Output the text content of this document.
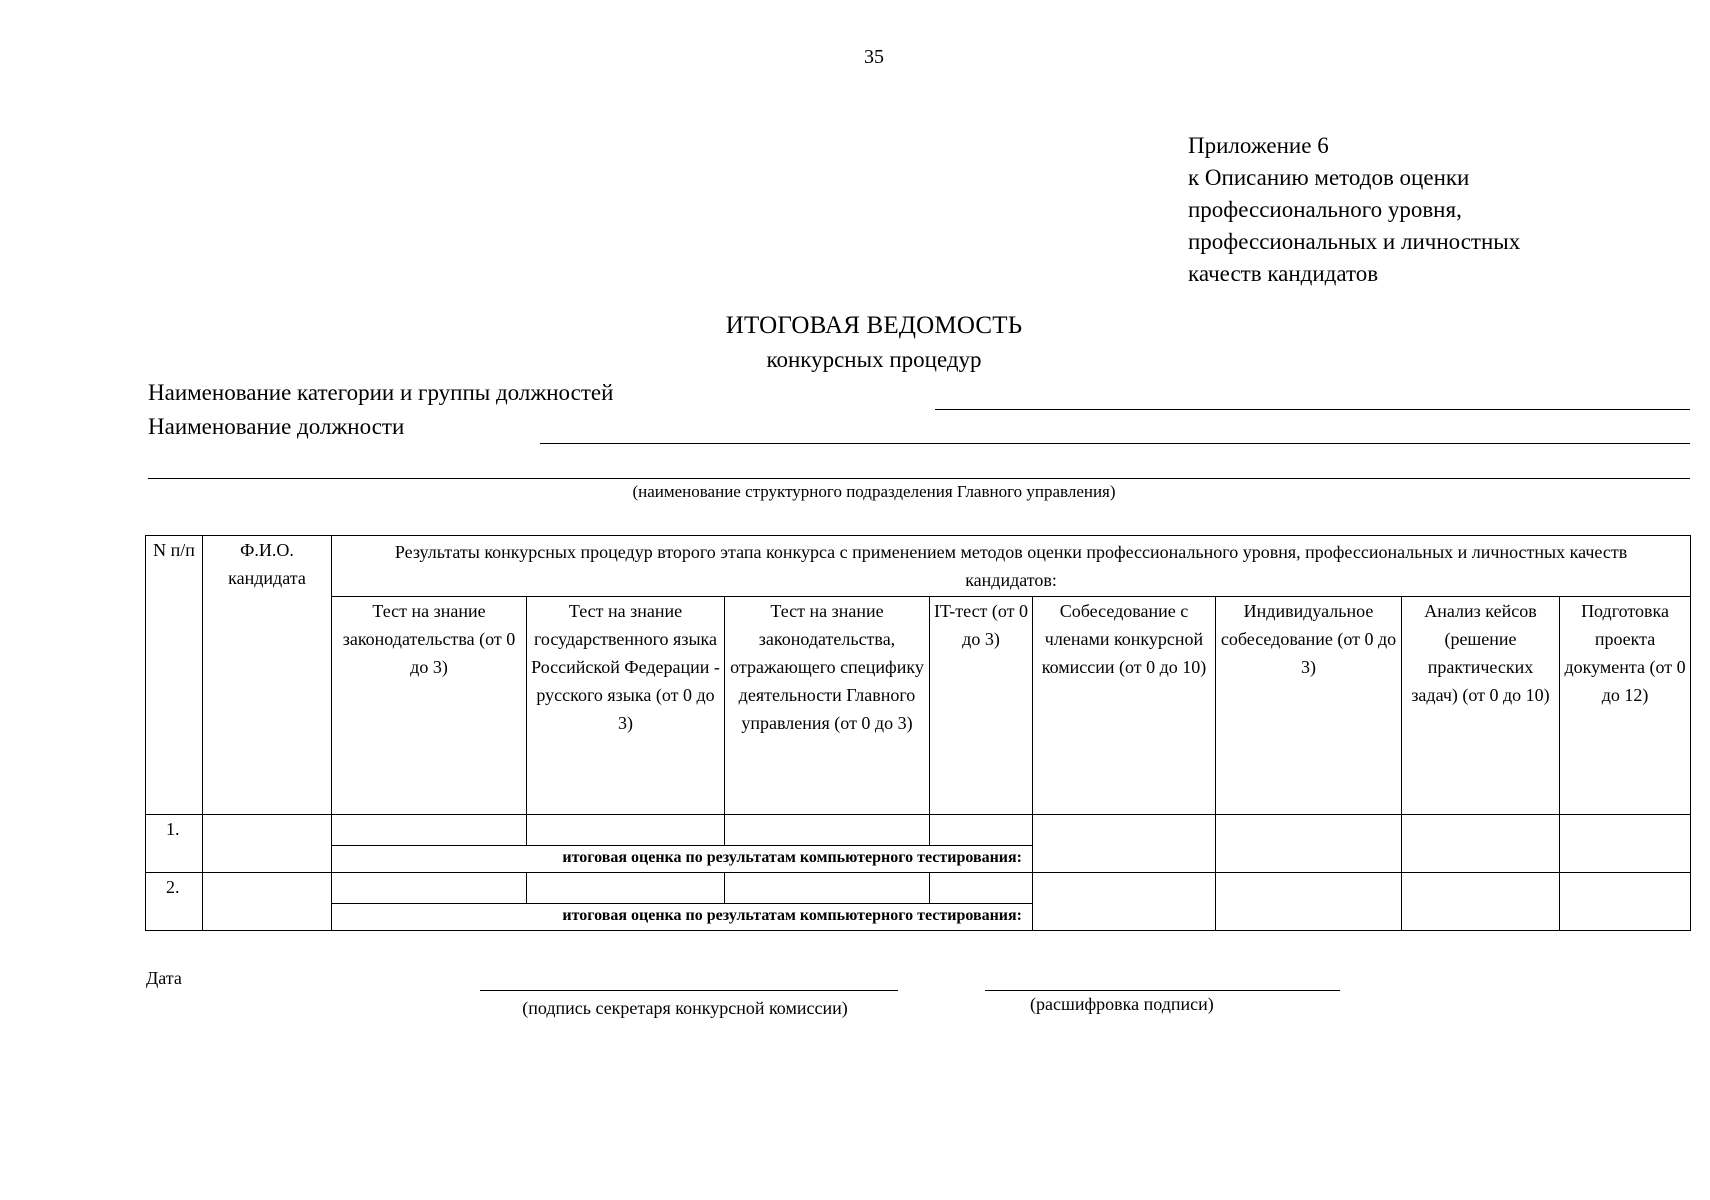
35
Приложение 6
к Описанию методов оценки
профессионального уровня,
профессиональных и личностных
качеств кандидатов
ИТОГОВАЯ ВЕДОМОСТЬ
конкурсных процедур
Наименование категории и группы должностей
Наименование должности
(наименование структурного подразделения Главного управления)
N п/п	Ф.И.О. кандидата	Результаты конкурсных процедур второго этапа конкурса с применением методов оценки профессионального уровня, профессиональных и личностных качеств кандидатов:							
		Тест на знание законодательства (от 0 до 3)	Тест на знание государственного языка Российской Федерации - русского языка (от 0 до 3)	Тест на знание законодательства, отражающего специфику деятельности Главного управления (от 0 до 3)	IT-тест (от 0 до 3)	Собеседование с членами конкурсной комиссии (от 0 до 10)	Индивидуальное собеседование (от 0 до 3)	Анализ кейсов (решение практических задач) (от 0 до 10)	Подготовка проекта документа (от 0 до 12)
1.									
		итоговая оценка по результатам компьютерного тестирования:							
2.									
		итоговая оценка по результатам компьютерного тестирования:							
Дата
(подпись секретаря конкурсной комиссии)	(расшифровка подписи)
